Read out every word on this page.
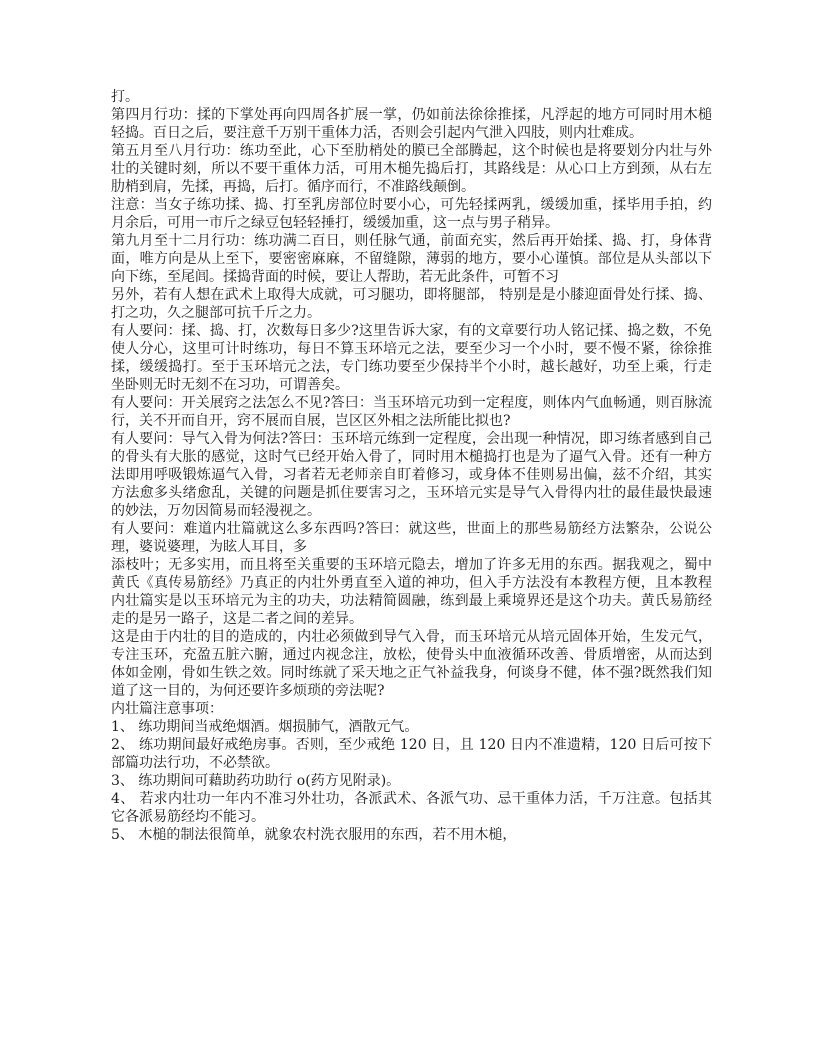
打。

第四月行功：揉的下掌处再向四周各扩展一掌，仍如前法徐徐推揉，凡浮起的地方可同时用木槌轻捣。百日之后，要注意千万别干重体力活，否则会引起内气泄入四肢，则内壮难成。

第五月至八月行功：练功至此，心下至肋梢处的膜已全部腾起，这个时候也是将要划分内壮与外壮的关键时刻，所以不要干重体力活，可用木槌先捣后打，其路线是：从心口上方到颈，从右左肋梢到肩，先揉，再捣，后打。循序而行，不准路线颠倒。

注意：当女子练功揉、捣、打至乳房部位时要小心，可先轻揉两乳，缓缓加重，揉毕用手拍，约月余后，可用一市斤之绿豆包轻轻捶打，缓缓加重，这一点与男子稍异。

第九月至十二月行功：练功满二百日，则任脉气通，前面充实，然后再开始揉、捣、打，身体背面，唯方向是从上至下，要密密麻麻，不留缝隙，薄弱的地方，要小心谨慎。部位是从头部以下向下练，至尾闾。揉捣背面的时候，要让人帮助，若无此条件，可暂不习

另外，若有人想在武术上取得大成就，可习腿功，即将腿部， 特别是是小膝迎面骨处行揉、捣、打之功，久之腿部可抗千斤之力。

有人要问：揉、捣、打，次数每日多少?这里告诉大家，有的文章要行功人铭记揉、捣之数，不免使人分心，这里可计时练功，每日不算玉环培元之法，要至少习一个小时，要不慢不紧，徐徐推揉，缓缓捣打。至于玉环培元之法，专门练功要至少保持半个小时，越长越好，功至上乘，行走坐卧则无时无刻不在习功，可谓善矣。

有人要问：开关展窍之法怎么不见?答曰：当玉环培元功到一定程度，则体内气血畅通，则百脉流行，关不开而自开，窍不展而自展，岂区区外相之法所能比拟也?

有人要问：导气入骨为何法?答曰：玉环培元练到一定程度，会出现一种情况，即习练者感到自己的骨头有大胀的感觉，这时气已经开始入骨了，同时用木槌捣打也是为了逼气入骨。还有一种方法即用呼吸锻炼逼气入骨，习者若无老师亲自盯着修习，或身体不佳则易出偏，兹不介绍，其实方法愈多头绪愈乱，关键的问题是抓住要害习之，玉环培元实是导气入骨得内壮的最佳最快最速的妙法，万勿因简易而轻漫视之。

有人要问：难道内壮篇就这么多东西吗?答曰：就这些，世面上的那些易筋经方法繁杂，公说公理，婆说婆理，为眩人耳目，多

添枝叶；无多实用，而且将至关重要的玉环培元隐去，增加了许多无用的东西。据我观之，蜀中黄氏《真传易筋经》乃真正的内壮外勇直至入道的神功，但入手方法没有本教程方便，且本教程内壮篇实是以玉环培元为主的功夫，功法精简圆融，练到最上乘境界还是这个功夫。黄氏易筋经走的是另一路子，这是二者之间的差异。

这是由于内壮的目的造成的，内壮必须做到导气入骨，而玉环培元从培元固体开始，生发元气，专注玉环，充盈五脏六腑，通过内视念注，放松，使骨头中血液循环改善、骨质增密，从而达到体如金刚，骨如生铁之效。同时练就了采天地之正气补益我身，何谈身不健，体不强?既然我们知道了这一目的，为何还要许多烦琐的旁法呢?

内壮篇注意事项：

1、 练功期间当戒绝烟酒。烟损肺气，酒散元气。

2、 练功期间最好戒绝房事。否则，至少戒绝 120 日，且 120 日内不准遗精，120 日后可按下部篇功法行功，不必禁欲。

3、 练功期间可藉助药功助行 o(药方见附录)。

4、 若求内壮功一年内不准习外壮功，各派武术、各派气功、忌干重体力活，千万注意。包括其它各派易筋经均不能习。

5、 木槌的制法很简单，就象农村洗衣服用的东西，若不用木槌，
